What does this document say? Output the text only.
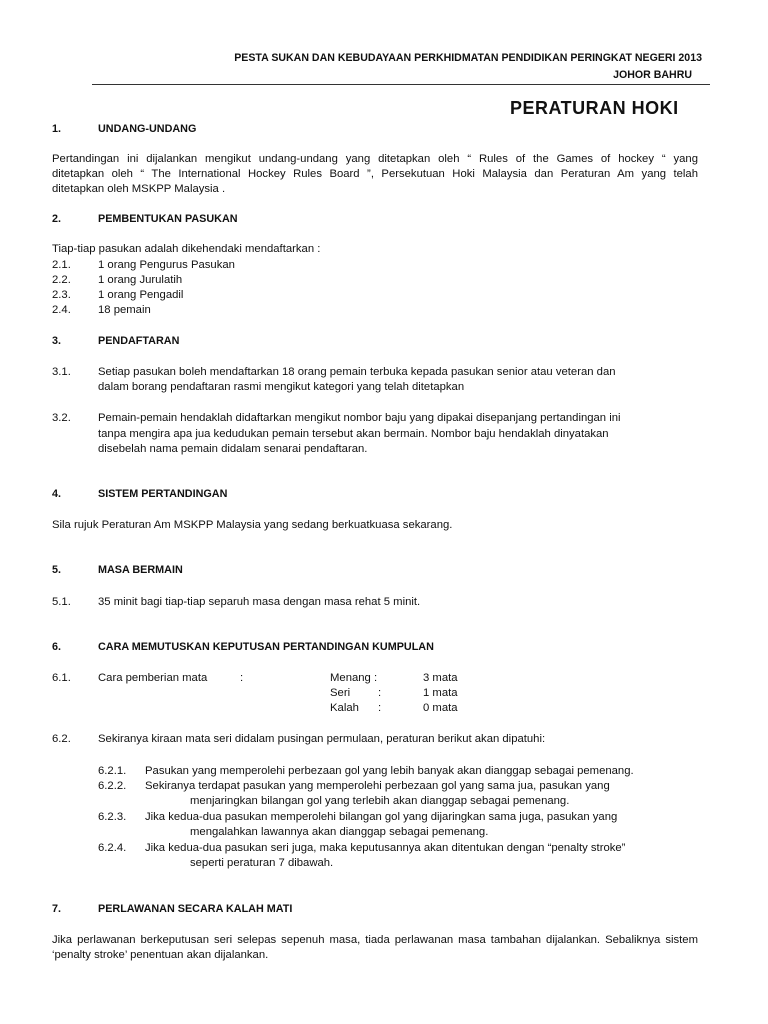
PESTA SUKAN DAN KEBUDAYAAN PERKHIDMATAN PENDIDIKAN PERINGKAT NEGERI 2013
JOHOR BAHRU
PERATURAN HOKI
1.	UNDANG-UNDANG
Pertandingan ini dijalankan mengikut undang-undang yang ditetapkan oleh “ Rules of the Games of hockey “ yang
ditetapkan oleh “ The International Hockey Rules Board ”, Persekutuan Hoki Malaysia dan Peraturan Am yang telah
ditetapkan oleh MSKPP Malaysia .
2.	PEMBENTUKAN PASUKAN
Tiap-tiap pasukan adalah dikehendaki mendaftarkan :
2.1. 1 orang Pengurus Pasukan
2.2. 1 orang Jurulatih
2.3. 1 orang Pengadil
2.4. 18 pemain
3.	PENDAFTARAN
3.1. Setiap pasukan boleh mendaftarkan 18 orang pemain terbuka kepada pasukan senior atau veteran dan
dalam borang pendaftaran rasmi mengikut kategori yang telah ditetapkan
3.2. Pemain-pemain hendaklah didaftarkan mengikut nombor baju yang dipakai disepanjang pertandingan ini
tanpa mengira apa jua kedudukan pemain tersebut akan bermain. Nombor baju hendaklah dinyatakan
disebelah nama pemain didalam senarai pendaftaran.
4.	SISTEM PERTANDINGAN
Sila rujuk Peraturan Am MSKPP Malaysia yang sedang berkuatkuasa sekarang.
5.	MASA BERMAIN
5.1. 35 minit bagi tiap-tiap separuh masa dengan masa rehat 5 minit.
6.	CARA MEMUTUSKAN KEPUTUSAN PERTANDINGAN KUMPULAN
6.1. Cara pemberian mata	:	Menang :	3 mata
Seri :	1 mata
Kalah :	0 mata
6.2. Sekiranya kiraan mata seri didalam pusingan permulaan, peraturan berikut akan dipatuhi:
6.2.1. Pasukan yang memperolehi perbezaan gol yang lebih banyak akan dianggap sebagai pemenang.
6.2.2. Sekiranya terdapat pasukan yang memperolehi perbezaan gol yang sama jua, pasukan yang
menjaringkan bilangan gol yang terlebih akan dianggap sebagai pemenang.
6.2.3. Jika kedua-dua pasukan memperolehi bilangan gol yang dijaringkan sama juga, pasukan yang
mengalahkan lawannya akan dianggap sebagai pemenang.
6.2.4. Jika kedua-dua pasukan seri juga, maka keputusannya akan ditentukan dengan “penalty stroke”
seperti peraturan 7 dibawah.
7.	PERLAWANAN SECARA KALAH MATI
Jika perlawanan berkeputusan seri selepas sepenuh masa, tiada perlawanan masa tambahan dijalankan. Sebaliknya sistem
‘penalty stroke’ penentuan akan dijalankan.
